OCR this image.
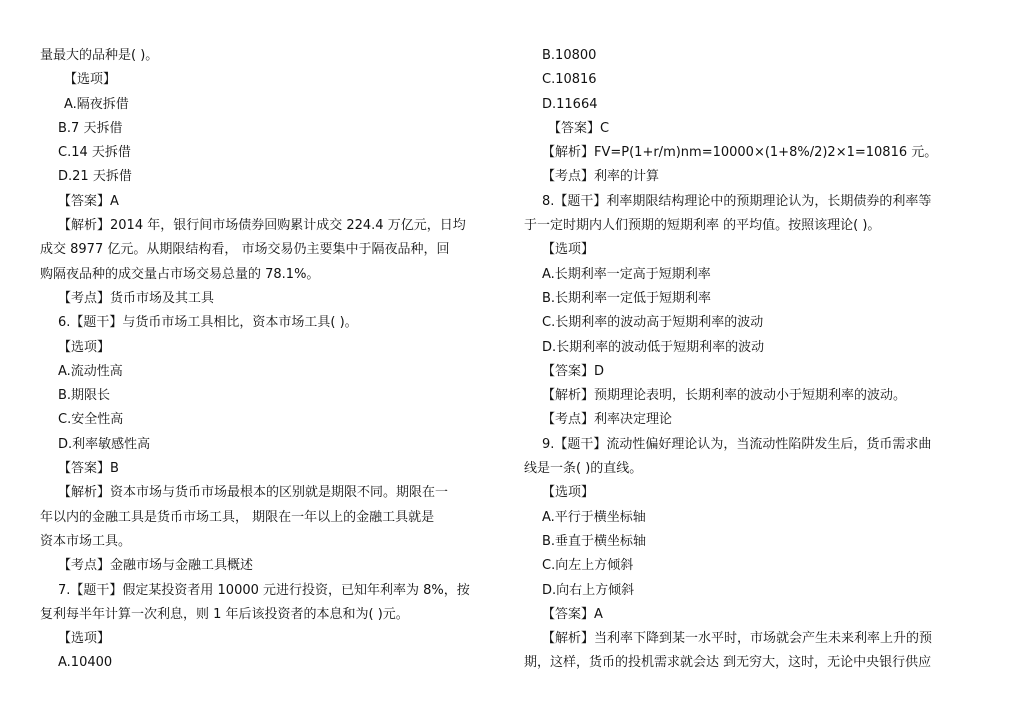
量最大的品种是( )。
【选项】
A.隔夜拆借
B.7 天拆借
C.14 天拆借
D.21 天拆借
【答案】A
【解析】2014 年，银行间市场债券回购累计成交 224.4 万亿元，日均
成交 8977 亿元。从期限结构看， 市场交易仍主要集中于隔夜品种，回
购隔夜品种的成交量占市场交易总量的 78.1%。
【考点】货币市场及其工具
6.【题干】与货币市场工具相比，资本市场工具( )。
【选项】
A.流动性高
B.期限长
C.安全性高
D.利率敏感性高
【答案】B
【解析】资本市场与货币市场最根本的区别就是期限不同。期限在一
年以内的金融工具是货币市场工具， 期限在一年以上的金融工具就是
资本市场工具。
【考点】金融市场与金融工具概述
7.【题干】假定某投资者用 10000 元进行投资，已知年利率为 8%，按
复利每半年计算一次利息，则 1 年后该投资者的本息和为( )元。
【选项】
A.10400
B.10800
C.10816
D.11664
【答案】C
【解析】FV=P(1+r/m)nm=10000×(1+8%/2)2×1=10816 元。
【考点】利率的计算
8.【题干】利率期限结构理论中的预期理论认为，长期债券的利率等
于一定时期内人们预期的短期利率 的平均值。按照该理论( )。
【选项】
A.长期利率一定高于短期利率
B.长期利率一定低于短期利率
C.长期利率的波动高于短期利率的波动
D.长期利率的波动低于短期利率的波动
【答案】D
【解析】预期理论表明，长期利率的波动小于短期利率的波动。
【考点】利率决定理论
9.【题干】流动性偏好理论认为，当流动性陷阱发生后，货币需求曲
线是一条( )的直线。
【选项】
A.平行于横坐标轴
B.垂直于横坐标轴
C.向左上方倾斜
D.向右上方倾斜
【答案】A
【解析】当利率下降到某一水平时，市场就会产生未来利率上升的预
期，这样，货币的投机需求就会达 到无穷大，这时，无论中央银行供应
